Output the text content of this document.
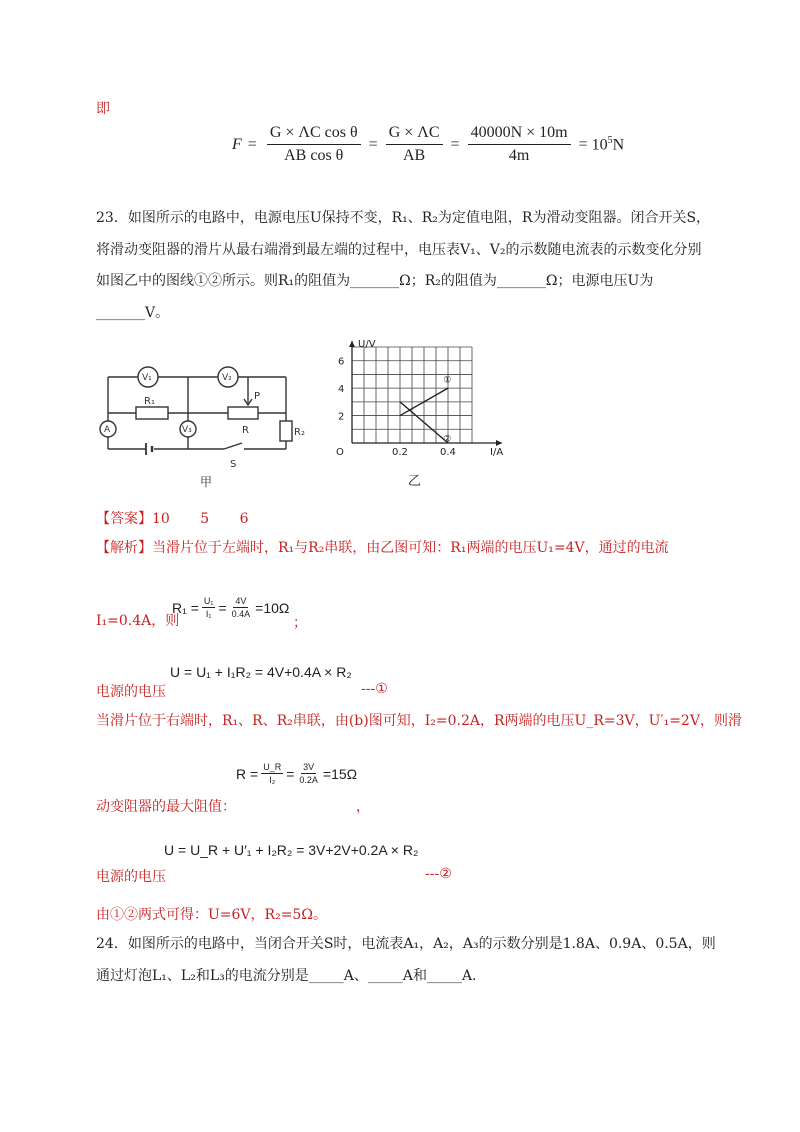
即
$F = \frac{\text{G × ΛC cos θ}}{\text{AB cos θ}} = \frac{G \times \Lambda C}{AB} = \frac{40000N \times 10m}{4m} = 10^5N$
23．如图所示的电路中，电源电压U保持不变，R₁、R₂为定值电阻，R为滑动变阻器。闭合开关S，
将滑动变阻器的滑片从最右端滑到最左端的过程中，电压表V₁、V₂的示数随电流表的示数变化分别
如图乙中的图线①②所示。则R₁的阻值为_______Ω；R₂的阻值为_______Ω；电源电压U为
_______V。
V₁	V₂
A	V₃
R₁
R	R₂
P
S
甲
U/V
I/A
6
4
2
0.2	0.4
O
①
②
乙
【答案】10 5 6
【解析】当滑片位于左端时，R₁与R₂串联，由乙图可知：R₁两端的电压U₁=4V，通过的电流
I₁=0.4A，则
$R_1 = \frac{\text{U₁}}{\text{I₁}} = \frac{4V}{0.4A} =10\Omega$
；
U = U₁ + I₁R₂ = 4V+0.4A × R₂
电源的电压	---①
当滑片位于右端时，R₁、R、R₂串联，由(b)图可知，I₂=0.2A，R两端的电压U_R=3V，U′₁=2V，则滑
$R = \frac{U\_R}{\text{I₂}} = \frac{3V}{0.2A} =15\Omega$
动变阻器的最大阻值：	，
U = U_R + U′₁ + I₂R₂ = 3V+2V+0.2A × R₂
电源的电压	---②
由①②两式可得：U=6V，R₂=5Ω。
24．如图所示的电路中，当闭合开关S时，电流表A₁，A₂，A₃的示数分别是1.8A、0.9A、0.5A，则
通过灯泡L₁、L₂和L₃的电流分别是_____A、_____A和_____A.
